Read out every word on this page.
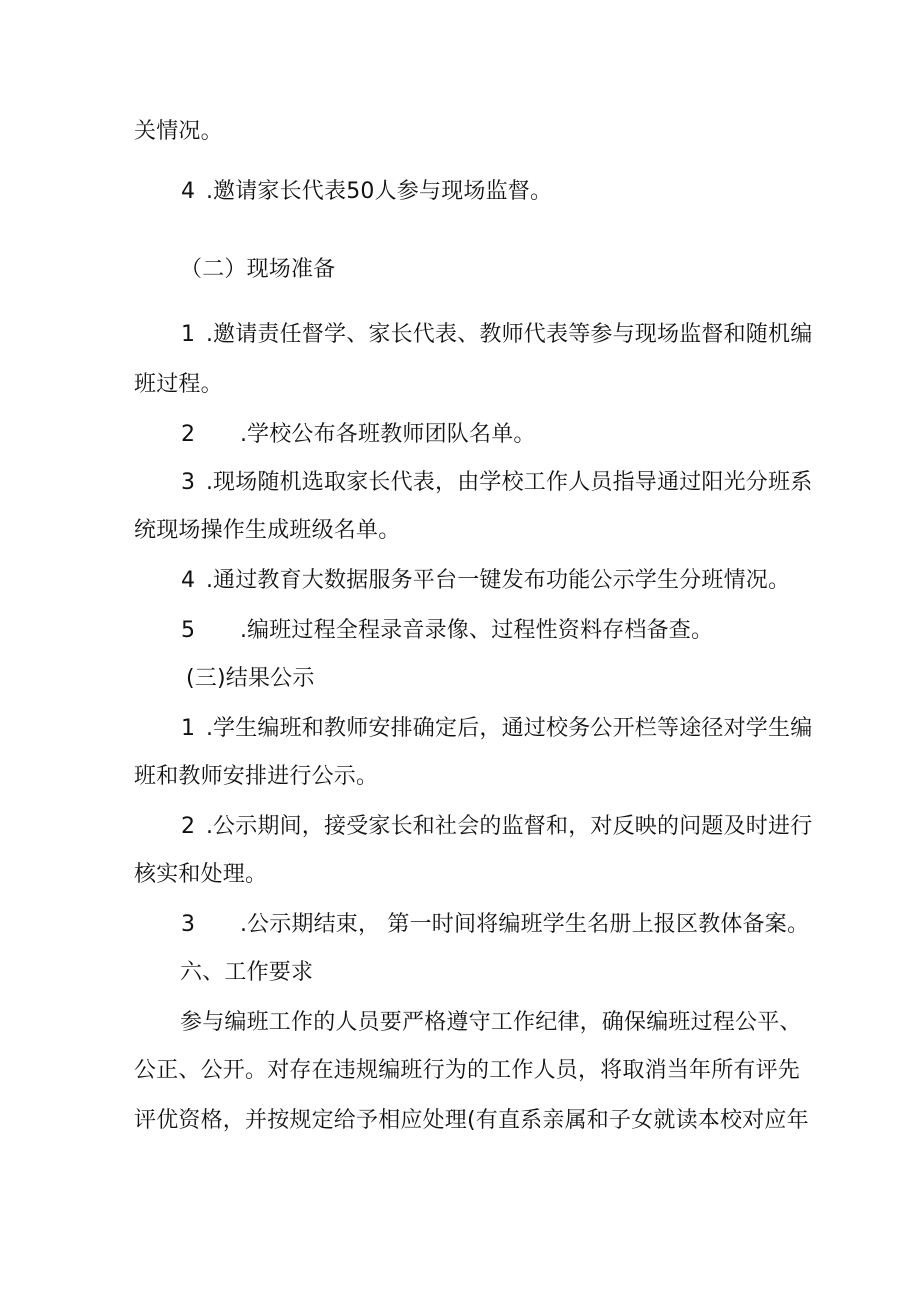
关情况。
4 . 邀请家长代表50人参与现场监督。
（二）现场准备
1 . 邀请责任督学、家长代表、教师代表等参与现场监督和随机编
班过程。
2 . 学校公布各班教师团队名单。
3 . 现场随机选取家长代表，由学校工作人员指导通过阳光分班系
统现场操作生成班级名单。
4 . 通过教育大数据服务平台一键发布功能公示学生分班情况。
5 . 编班过程全程录音录像、过程性资料存档备查。
(三)结果公示
1 . 学生编班和教师安排确定后，通过校务公开栏等途径对学生编
班和教师安排进行公示。
2 . 公示期间，接受家长和社会的监督和，对反映的问题及时进行
核实和处理。
3 . 公示期结束， 第一时间将编班学生名册上报区教体备案。
六、工作要求
参与编班工作的人员要严格遵守工作纪律，确保编班过程公平、
公正、公开。对存在违规编班行为的工作人员，将取消当年所有评先
评优资格，并按规定给予相应处理(有直系亲属和子女就读本校对应年
